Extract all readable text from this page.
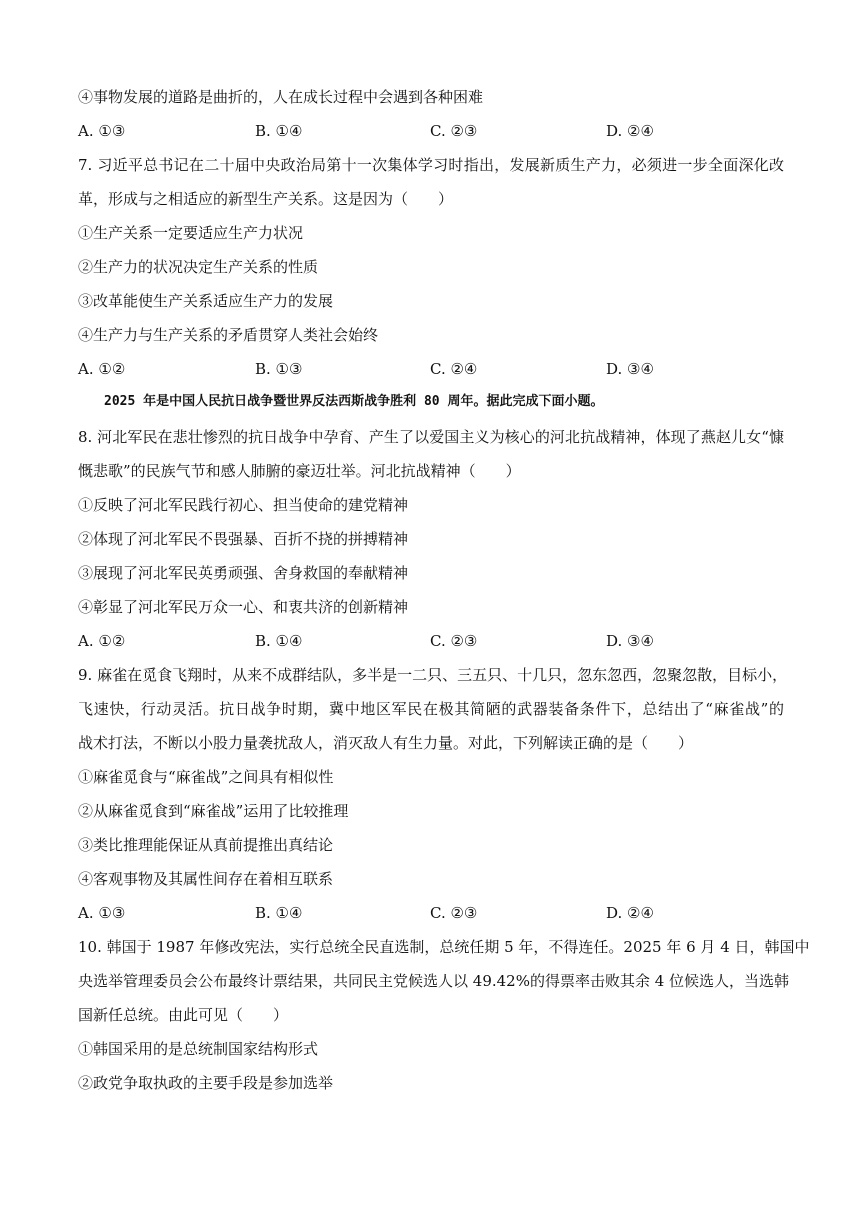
④事物发展的道路是曲折的，人在成长过程中会遇到各种困难
A. ①③	B. ①④	C. ②③	D. ②④
7. 习近平总书记在二十届中央政治局第十一次集体学习时指出，发展新质生产力，必须进一步全面深化改
革，形成与之相适应的新型生产关系。这是因为（　　）
①生产关系一定要适应生产力状况
②生产力的状况决定生产关系的性质
③改革能使生产关系适应生产力的发展
④生产力与生产关系的矛盾贯穿人类社会始终
A. ①②	B. ①③	C. ②④	D. ③④
2025 年是中国人民抗日战争暨世界反法西斯战争胜利 80 周年。据此完成下面小题。
8. 河北军民在悲壮惨烈的抗日战争中孕育、产生了以爱国主义为核心的河北抗战精神，体现了燕赵儿女“慷
慨悲歌”的民族气节和感人肺腑的豪迈壮举。河北抗战精神（　　）
①反映了河北军民践行初心、担当使命的建党精神
②体现了河北军民不畏强暴、百折不挠的拼搏精神
③展现了河北军民英勇顽强、舍身救国的奉献精神
④彰显了河北军民万众一心、和衷共济的创新精神
A. ①②	B. ①④	C. ②③	D. ③④
9. 麻雀在觅食飞翔时，从来不成群结队，多半是一二只、三五只、十几只，忽东忽西，忽聚忽散，目标小，
飞速快，行动灵活。抗日战争时期，冀中地区军民在极其简陋的武器装备条件下，总结出了“麻雀战”的
战术打法，不断以小股力量袭扰敌人，消灭敌人有生力量。对此，下列解读正确的是（　　）
①麻雀觅食与“麻雀战”之间具有相似性
②从麻雀觅食到“麻雀战”运用了比较推理
③类比推理能保证从真前提推出真结论
④客观事物及其属性间存在着相互联系
A. ①③	B. ①④	C. ②③	D. ②④
10. 韩国于 1987 年修改宪法，实行总统全民直选制，总统任期 5 年，不得连任。2025 年 6 月 4 日，韩国中
央选举管理委员会公布最终计票结果，共同民主党候选人以 49.42%的得票率击败其余 4 位候选人，当选韩
国新任总统。由此可见（　　）
①韩国采用的是总统制国家结构形式
②政党争取执政的主要手段是参加选举
